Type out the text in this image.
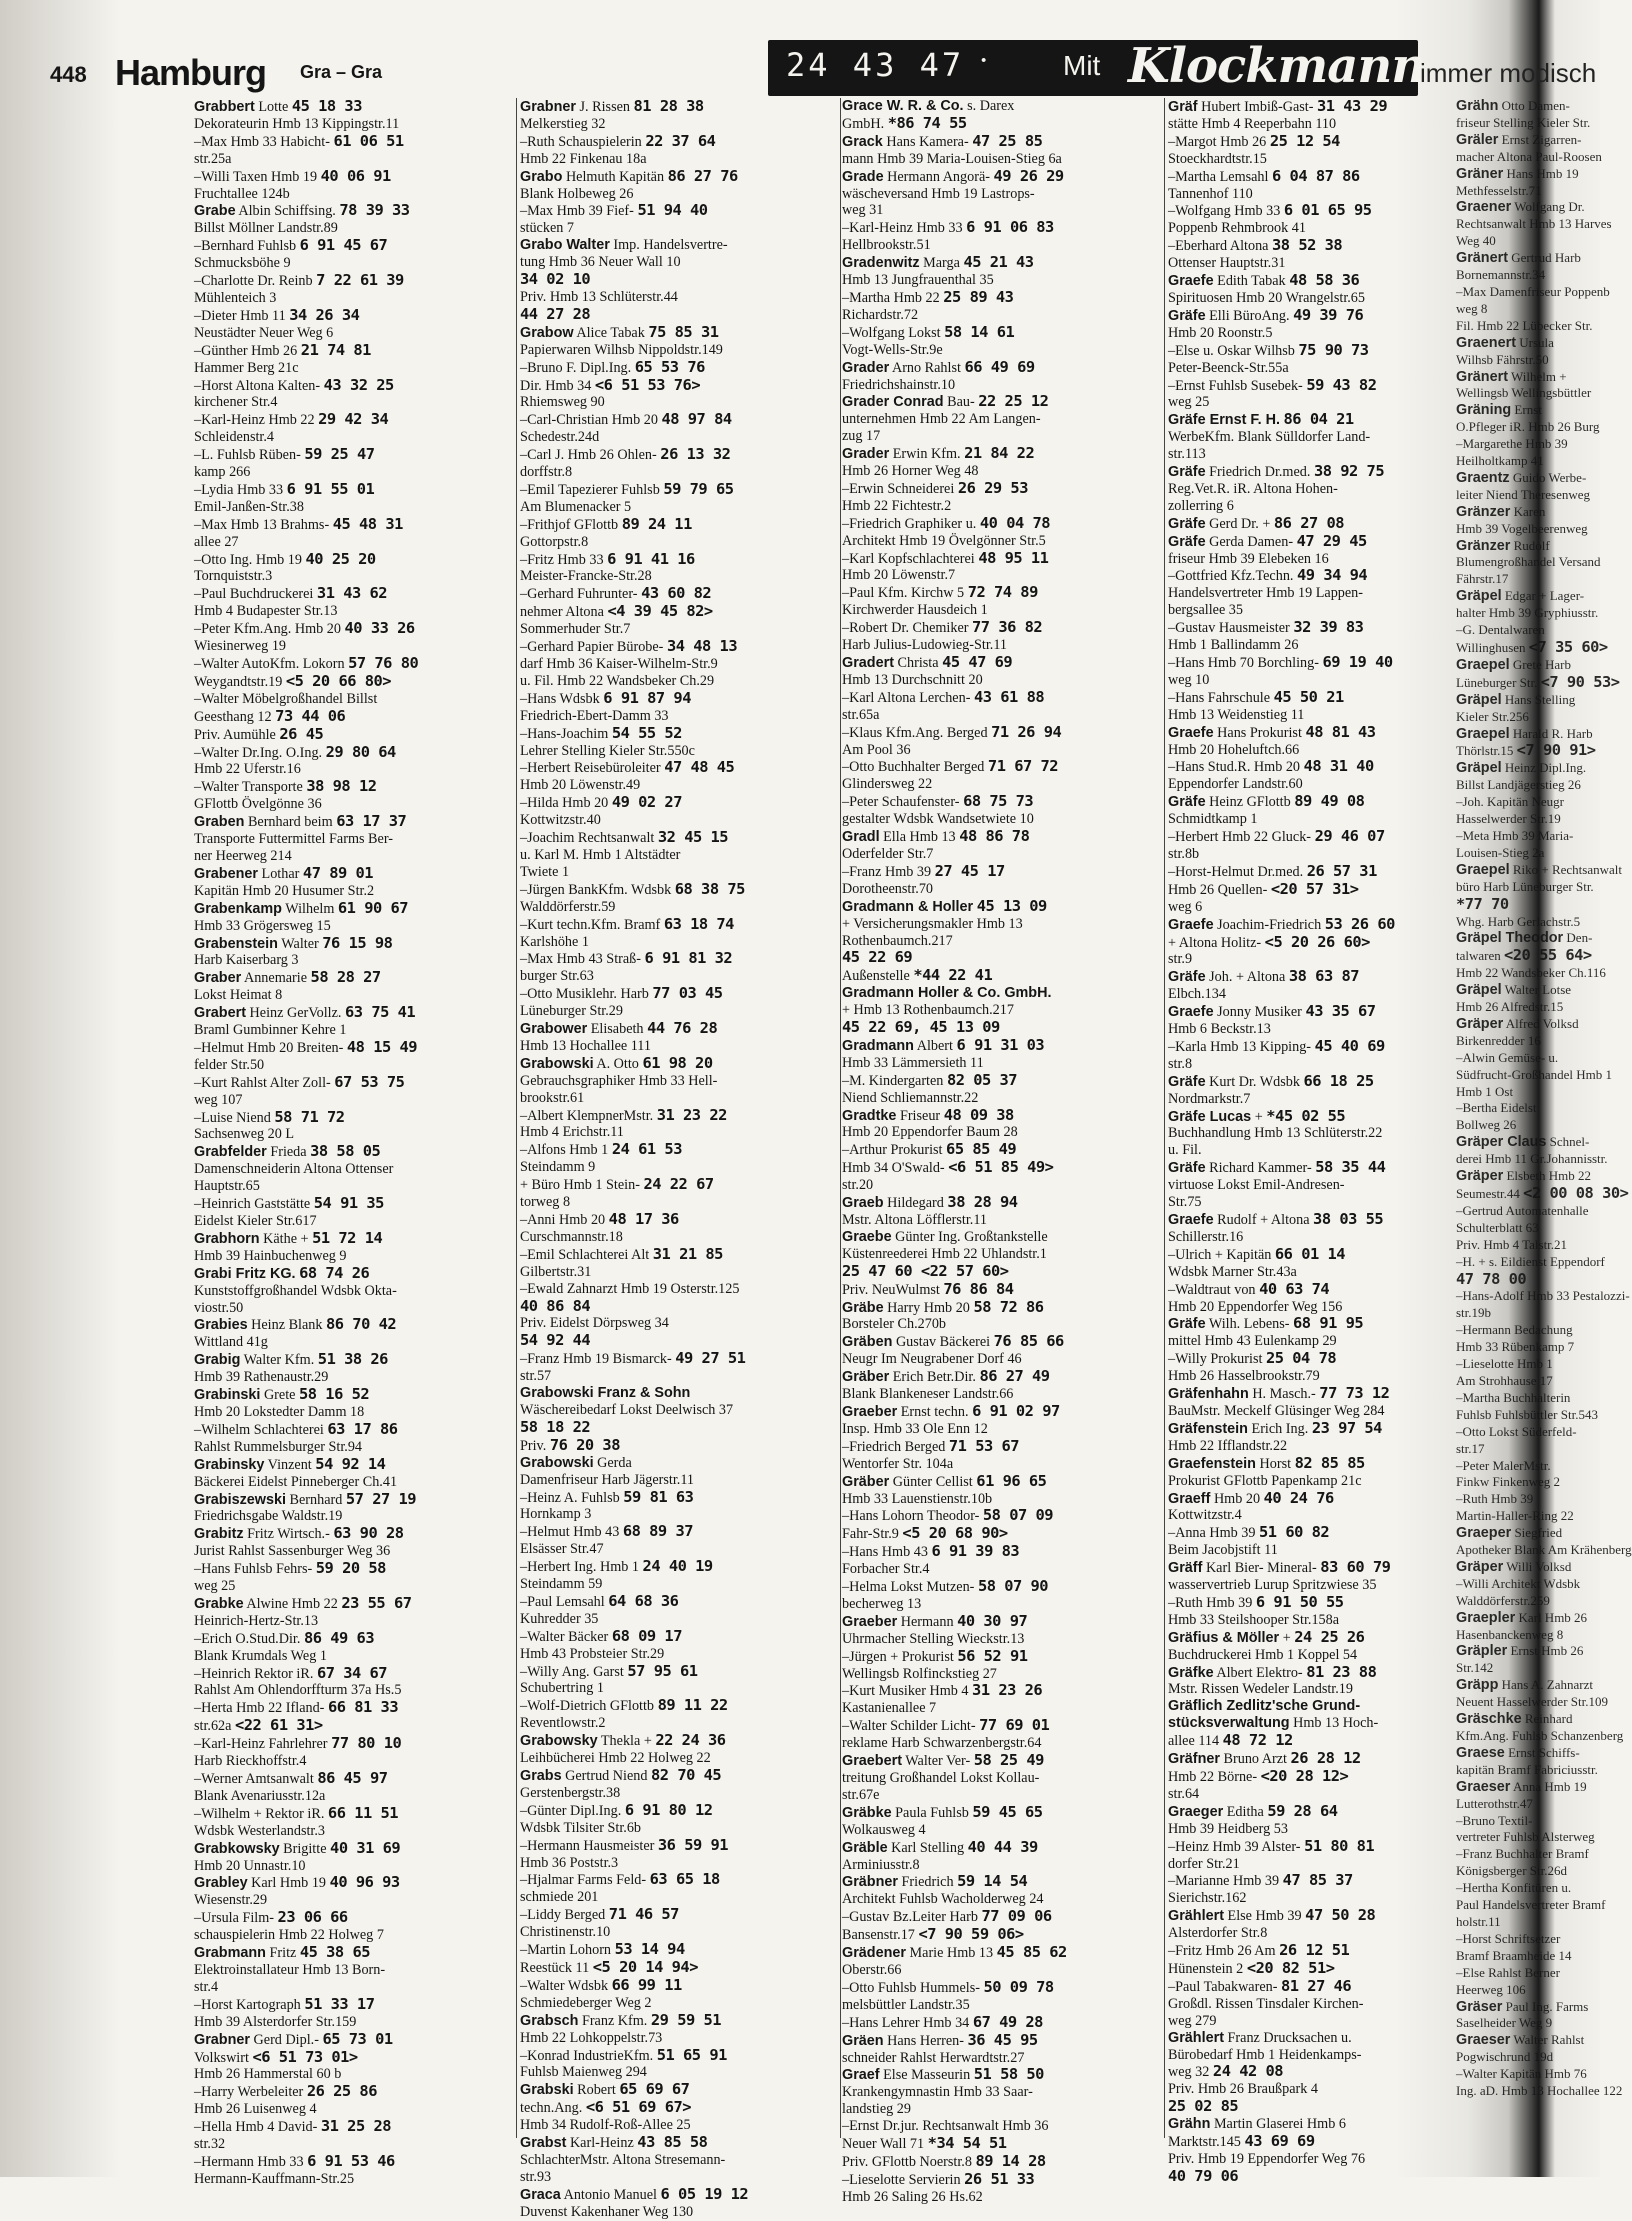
448 Hamburg Gra – Gra	24 43 47 ·	Mit Klockmann
immer modisch
Grabbert Lotte 45 18 33
Dekorateurin Hmb 13 Kippingstr.11
–Max Hmb 33 Habicht- 61 06 51
str.25a
–Willi Taxen Hmb 19 40 06 91
Fruchtallee 124b
Grabe Albin Schiffsing. 78 39 33
Billst Möllner Landstr.89
–Bernhard Fuhlsb 6 91 45 67
Schmucksböhe 9
–Charlotte Dr. Reinb 7 22 61 39
Mühlenteich 3
–Dieter Hmb 11 34 26 34
Neustädter Neuer Weg 6
–Günther Hmb 26 21 74 81
Hammer Berg 21c
–Horst Altona Kalten- 43 32 25
kirchener Str.4
–Karl-Heinz Hmb 22 29 42 34
Schleidenstr.4
–L. Fuhlsb Rüben- 59 25 47
kamp 266
–Lydia Hmb 33 6 91 55 01
Emil-Janßen-Str.38
–Max Hmb 13 Brahms- 45 48 31
allee 27
–Otto Ing. Hmb 19 40 25 20
Tornquiststr.3
–Paul Buchdruckerei 31 43 62
Hmb 4 Budapester Str.13
–Peter Kfm.Ang. Hmb 20 40 33 26
Wiesinerweg 19
–Walter AutoKfm. Lokorn 57 76 80
Weygandtstr.19 <5 20 66 80>
–Walter Möbelgroßhandel Billst
Geesthang 12 73 44 06
Priv. Aumühle 26 45
–Walter Dr.Ing. O.Ing. 29 80 64
Hmb 22 Uferstr.16
–Walter Transporte 38 98 12
GFlottb Övelgönne 36
Graben Bernhard beim 63 17 37
Transporte Futtermittel Farms Ber-
ner Heerweg 214
Grabener Lothar 47 89 01
Kapitän Hmb 20 Husumer Str.2
Grabenkamp Wilhelm 61 90 67
Hmb 33 Grögersweg 15
Grabenstein Walter 76 15 98
Harb Kaiserbarg 3
Graber Annemarie 58 28 27
Lokst Heimat 8
Grabert Heinz GerVollz. 63 75 41
Braml Gumbinner Kehre 1
–Helmut Hmb 20 Breiten- 48 15 49
felder Str.50
–Kurt Rahlst Alter Zoll- 67 53 75
weg 107
–Luise Niend 58 71 72
Sachsenweg 20 L
Grabfelder Frieda 38 58 05
Damenschneiderin Altona Ottenser
Hauptstr.65
–Heinrich Gaststätte 54 91 35
Eidelst Kieler Str.617
Grabhorn Käthe + 51 72 14
Hmb 39 Hainbuchenweg 9
Grabi Fritz KG. 68 74 26
Kunststoffgroßhandel Wdsbk Okta-
viostr.50
Grabies Heinz Blank 86 70 42
Wittland 41g
Grabig Walter Kfm. 51 38 26
Hmb 39 Rathenaustr.29
Grabinski Grete 58 16 52
Hmb 20 Lokstedter Damm 18
–Wilhelm Schlachterei 63 17 86
Rahlst Rummelsburger Str.94
Grabinsky Vinzent 54 92 14
Bäckerei Eidelst Pinneberger Ch.41
Grabiszewski Bernhard 57 27 19
Friedrichsgabe Waldstr.19
Grabitz Fritz Wirtsch.- 63 90 28
Jurist Rahlst Sassenburger Weg 36
–Hans Fuhlsb Fehrs- 59 20 58
weg 25
Grabke Alwine Hmb 22 23 55 67
Heinrich-Hertz-Str.13
–Erich O.Stud.Dir. 86 49 63
Blank Krumdals Weg 1
–Heinrich Rektor iR. 67 34 67
Rahlst Am Ohlendorffturm 37a Hs.5
–Herta Hmb 22 Ifland- 66 81 33
str.62a <22 61 31>
–Karl-Heinz Fahrlehrer 77 80 10
Harb Rieckhoffstr.4
–Werner Amtsanwalt 86 45 97
Blank Avenariusstr.12a
–Wilhelm + Rektor iR. 66 11 51
Wdsbk Westerlandstr.3
Grabkowsky Brigitte 40 31 69
Hmb 20 Unnastr.10
Grabley Karl Hmb 19 40 96 93
Wiesenstr.29
–Ursula Film- 23 06 66
schauspielerin Hmb 22 Holweg 7
Grabmann Fritz 45 38 65
Elektroinstallateur Hmb 13 Born-
str.4
–Horst Kartograph 51 33 17
Hmb 39 Alsterdorfer Str.159
Grabner Gerd Dipl.- 65 73 01
Volkswirt <6 51 73 01>
Hmb 26 Hammerstal 60 b
–Harry Werbeleiter 26 25 86
Hmb 26 Luisenweg 4
–Hella Hmb 4 David- 31 25 28
str.32
–Hermann Hmb 33 6 91 53 46
Hermann-Kauffmann-Str.25
Grabner J. Rissen 81 28 38
Melkerstieg 32
–Ruth Schauspielerin 22 37 64
Hmb 22 Finkenau 18a
Grabo Helmuth Kapitän 86 27 76
Blank Holbeweg 26
–Max Hmb 39 Fief- 51 94 40
stücken 7
Grabo Walter Imp. Handelsvertre-
tung Hmb 36 Neuer Wall 10
34 02 10
Priv. Hmb 13 Schlüterstr.44
44 27 28
Grabow Alice Tabak 75 85 31
Papierwaren Wilhsb Nippoldstr.149
–Bruno F. Dipl.Ing. 65 53 76
Dir. Hmb 34 <6 51 53 76>
Rhiemsweg 90
–Carl-Christian Hmb 20 48 97 84
Schedestr.24d
–Carl J. Hmb 26 Ohlen- 26 13 32
dorffstr.8
–Emil Tapezierer Fuhlsb 59 79 65
Am Blumenacker 5
–Frithjof GFlottb 89 24 11
Gottorpstr.8
–Fritz Hmb 33 6 91 41 16
Meister-Francke-Str.28
–Gerhard Fuhrunter- 43 60 82
nehmer Altona <4 39 45 82>
Sommerhuder Str.7
–Gerhard Papier Bürobe- 34 48 13
darf Hmb 36 Kaiser-Wilhelm-Str.9
u. Fil. Hmb 22 Wandsbeker Ch.29
–Hans Wdsbk 6 91 87 94
Friedrich-Ebert-Damm 33
–Hans-Joachim 54 55 52
Lehrer Stelling Kieler Str.550c
–Herbert Reisebüroleiter 47 48 45
Hmb 20 Löwenstr.49
–Hilda Hmb 20 49 02 27
Kottwitzstr.40
–Joachim Rechtsanwalt 32 45 15
u. Karl M. Hmb 1 Altstädter
Twiete 1
–Jürgen BankKfm. Wdsbk 68 38 75
Walddörferstr.59
–Kurt techn.Kfm. Bramf 63 18 74
Karlshöhe 1
–Max Hmb 43 Straß- 6 91 81 32
burger Str.63
–Otto Musiklehr. Harb 77 03 45
Lüneburger Str.29
Grabower Elisabeth 44 76 28
Hmb 13 Hochallee 111
Grabowski A. Otto 61 98 20
Gebrauchsgraphiker Hmb 33 Hell-
brookstr.61
–Albert KlempnerMstr. 31 23 22
Hmb 4 Erichstr.11
–Alfons Hmb 1 24 61 53
Steindamm 9
+ Büro Hmb 1 Stein- 24 22 67
torweg 8
–Anni Hmb 20 48 17 36
Curschmannstr.18
–Emil Schlachterei Alt 31 21 85
Gilbertstr.31
–Ewald Zahnarzt Hmb 19 Osterstr.125
40 86 84
Priv. Eidelst Dörpsweg 34
54 92 44
–Franz Hmb 19 Bismarck- 49 27 51
str.57
Grabowski Franz & Sohn
Wäschereibedarf Lokst Deelwisch 37
58 18 22
Priv. 76 20 38
Grabowski Gerda
Damenfriseur Harb Jägerstr.11
–Heinz A. Fuhlsb 59 81 63
Hornkamp 3
–Helmut Hmb 43 68 89 37
Elsässer Str.47
–Herbert Ing. Hmb 1 24 40 19
Steindamm 59
–Paul Lemsahl 64 68 36
Kuhredder 35
–Walter Bäcker 68 09 17
Hmb 43 Probsteier Str.29
–Willy Ang. Garst 57 95 61
Schubertring 1
–Wolf-Dietrich GFlottb 89 11 22
Reventlowstr.2
Grabowsky Thekla + 22 24 36
Leihbücherei Hmb 22 Holweg 22
Grabs Gertrud Niend 82 70 45
Gerstenbergstr.38
–Günter Dipl.Ing. 6 91 80 12
Wdsbk Tilsiter Str.6b
–Hermann Hausmeister 36 59 91
Hmb 36 Poststr.3
–Hjalmar Farms Feld- 63 65 18
schmiede 201
–Liddy Berged 71 46 57
Christinenstr.10
–Martin Lohorn 53 14 94
Reestück 11 <5 20 14 94>
–Walter Wdsbk 66 99 11
Schmiedeberger Weg 2
Grabsch Franz Kfm. 29 59 51
Hmb 22 Lohkoppelstr.73
–Konrad IndustrieKfm. 51 65 91
Fuhlsb Maienweg 294
Grabski Robert 65 69 67
techn.Ang. <6 51 69 67>
Hmb 34 Rudolf-Roß-Allee 25
Grabst Karl-Heinz 43 85 58
SchlachterMstr. Altona Stresemann-
str.93
Graca Antonio Manuel 6 05 19 12
Duvenst Kakenhaner Weg 130
Grace W. R. & Co. s. Darex
GmbH. *86 74 55
Grack Hans Kamera- 47 25 85
mann Hmb 39 Maria-Louisen-Stieg 6a
Grade Hermann Angorä- 49 26 29
wäscheversand Hmb 19 Lastrops-
weg 31
–Karl-Heinz Hmb 33 6 91 06 83
Hellbrookstr.51
Gradenwitz Marga 45 21 43
Hmb 13 Jungfrauenthal 35
–Martha Hmb 22 25 89 43
Richardstr.72
–Wolfgang Lokst 58 14 61
Vogt-Wells-Str.9e
Grader Arno Rahlst 66 49 69
Friedrichshainstr.10
Grader Conrad Bau- 22 25 12
unternehmen Hmb 22 Am Langen-
zug 17
Grader Erwin Kfm. 21 84 22
Hmb 26 Horner Weg 48
–Erwin Schneiderei 26 29 53
Hmb 22 Fichtestr.2
–Friedrich Graphiker u. 40 04 78
Architekt Hmb 19 Övelgönner Str.5
–Karl Kopfschlachterei 48 95 11
Hmb 20 Löwenstr.7
–Paul Kfm. Kirchw 5 72 74 89
Kirchwerder Hausdeich 1
–Robert Dr. Chemiker 77 36 82
Harb Julius-Ludowieg-Str.11
Gradert Christa 45 47 69
Hmb 13 Durchschnitt 20
–Karl Altona Lerchen- 43 61 88
str.65a
–Klaus Kfm.Ang. Berged 71 26 94
Am Pool 36
–Otto Buchhalter Berged 71 67 72
Glindersweg 22
–Peter Schaufenster- 68 75 73
gestalter Wdsbk Wandsetwiete 10
Gradl Ella Hmb 13 48 86 78
Oderfelder Str.7
–Franz Hmb 39 27 45 17
Dorotheenstr.70
Gradmann & Holler 45 13 09
+ Versicherungsmakler Hmb 13
Rothenbaumch.217
45 22 69
Außenstelle *44 22 41
Gradmann Holler & Co. GmbH.
+ Hmb 13 Rothenbaumch.217
45 22 69, 45 13 09
Gradmann Albert 6 91 31 03
Hmb 33 Lämmersieth 11
–M. Kindergarten 82 05 37
Niend Schliemannstr.22
Gradtke Friseur 48 09 38
Hmb 20 Eppendorfer Baum 28
–Arthur Prokurist 65 85 49
Hmb 34 O'Swald- <6 51 85 49>
str.20
Graeb Hildegard 38 28 94
Mstr. Altona Löfflerstr.11
Graebe Günter Ing. Großtankstelle
Küstenreederei Hmb 22 Uhlandstr.1
25 47 60 <22 57 60>
Priv. NeuWulmst 76 86 84
Gräbe Harry Hmb 20 58 72 86
Borsteler Ch.270b
Gräben Gustav Bäckerei 76 85 66
Neugr Im Neugrabener Dorf 46
Gräber Erich Betr.Dir. 86 27 49
Blank Blankeneser Landstr.66
Graeber Ernst techn. 6 91 02 97
Insp. Hmb 33 Ole Enn 12
–Friedrich Berged 71 53 67
Wentorfer Str. 104a
Gräber Günter Cellist 61 96 65
Hmb 33 Lauenstienstr.10b
–Hans Lohorn Theodor- 58 07 09
Fahr-Str.9 <5 20 68 90>
–Hans Hmb 43 6 91 39 83
Forbacher Str.4
–Helma Lokst Mutzen- 58 07 90
becherweg 13
Graeber Hermann 40 30 97
Uhrmacher Stelling Wieckstr.13
–Jürgen + Prokurist 56 52 91
Wellingsb Rolfinckstieg 27
–Kurt Musiker Hmb 4 31 23 26
Kastanienallee 7
–Walter Schilder Licht- 77 69 01
reklame Harb Schwarzenbergstr.64
Graebert Walter Ver- 58 25 49
treitung Großhandel Lokst Kollau-
str.67e
Gräbke Paula Fuhlsb 59 45 65
Wolkausweg 4
Gräble Karl Stelling 40 44 39
Arminiusstr.8
Gräbner Friedrich 59 14 54
Architekt Fuhlsb Wacholderweg 24
–Gustav Bz.Leiter Harb 77 09 06
Bansenstr.17 <7 90 59 06>
Grädener Marie Hmb 13 45 85 62
Oberstr.66
–Otto Fuhlsb Hummels- 50 09 78
melsbüttler Landstr.35
–Hans Lehrer Hmb 34 67 49 28
Gräen Hans Herren- 36 45 95
schneider Rahlst Herwardtstr.27
Graef Else Masseurin 51 58 50
Krankengymnastin Hmb 33 Saar-
landstieg 29
–Ernst Dr.jur. Rechtsanwalt Hmb 36
Neuer Wall 71 *34 54 51
Priv. GFlottb Noerstr.8 89 14 28
–Lieselotte Servierin 26 51 33
Hmb 26 Saling 26 Hs.62
Gräf Hubert Imbiß-Gast- 31 43 29
stätte Hmb 4 Reeperbahn 110
–Margot Hmb 26 25 12 54
Stoeckhardtstr.15
–Martha Lemsahl 6 04 87 86
Tannenhof 110
–Wolfgang Hmb 33 6 01 65 95
Poppenb Rehmbrook 41
–Eberhard Altona 38 52 38
Ottenser Hauptstr.31
Graefe Edith Tabak 48 58 36
Spirituosen Hmb 20 Wrangelstr.65
Gräfe Elli BüroAng. 49 39 76
Hmb 20 Roonstr.5
–Else u. Oskar Wilhsb 75 90 73
Peter-Beenck-Str.55a
–Ernst Fuhlsb Susebek- 59 43 82
weg 25
Gräfe Ernst F. H. 86 04 21
WerbeKfm. Blank Sülldorfer Land-
str.113
Gräfe Friedrich Dr.med. 38 92 75
Reg.Vet.R. iR. Altona Hohen-
zollerring 6
Gräfe Gerd Dr. + 86 27 08
Gräfe Gerda Damen- 47 29 45
friseur Hmb 39 Elebeken 16
–Gottfried Kfz.Techn. 49 34 94
Handelsvertreter Hmb 19 Lappen-
bergsallee 35
–Gustav Hausmeister 32 39 83
Hmb 1 Ballindamm 26
–Hans Hmb 70 Borchling- 69 19 40
weg 10
–Hans Fahrschule 45 50 21
Hmb 13 Weidenstieg 11
Graefe Hans Prokurist 48 81 43
Hmb 20 Hoheluftch.66
–Hans Stud.R. Hmb 20 48 31 40
Eppendorfer Landstr.60
Gräfe Heinz GFlottb 89 49 08
Schmidtkamp 1
–Herbert Hmb 22 Gluck- 29 46 07
str.8b
–Horst-Helmut Dr.med. 26 57 31
Hmb 26 Quellen- <20 57 31>
weg 6
Graefe Joachim-Friedrich 53 26 60
+ Altona Holitz- <5 20 26 60>
str.9
Gräfe Joh. + Altona 38 63 87
Elbch.134
Graefe Jonny Musiker 43 35 67
Hmb 6 Beckstr.13
–Karla Hmb 13 Kipping- 45 40 69
str.8
Gräfe Kurt Dr. Wdsbk 66 18 25
Nordmarkstr.7
Gräfe Lucas + *45 02 55
Buchhandlung Hmb 13 Schlüterstr.22
u. Fil.
Gräfe Richard Kammer- 58 35 44
virtuose Lokst Emil-Andresen-
Str.75
Graefe Rudolf + Altona 38 03 55
Schillerstr.16
–Ulrich + Kapitän 66 01 14
Wdsbk Marner Str.43a
–Waldtraut von 40 63 74
Hmb 20 Eppendorfer Weg 156
Gräfe Wilh. Lebens- 68 91 95
mittel Hmb 43 Eulenkamp 29
–Willy Prokurist 25 04 78
Hmb 26 Hasselbrookstr.79
Gräfenhahn H. Masch.- 77 73 12
BauMstr. Meckelf Glüsinger Weg 284
Gräfenstein Erich Ing. 23 97 54
Hmb 22 Ifflandstr.22
Graefenstein Horst 82 85 85
Prokurist GFlottb Papenkamp 21c
Graeff Hmb 20 40 24 76
Kottwitzstr.4
–Anna Hmb 39 51 60 82
Beim Jacobjstift 11
Gräff Karl Bier- Mineral- 83 60 79
wasservertrieb Lurup Spritzwiese 35
–Ruth Hmb 39 6 91 50 55
Hmb 33 Steilshooper Str.158a
Gräfius & Möller + 24 25 26
Buchdruckerei Hmb 1 Koppel 54
Gräfke Albert Elektro- 81 23 88
Mstr. Rissen Wedeler Landstr.19
Gräflich Zedlitz'sche Grund-
stücksverwaltung Hmb 13 Hoch-
allee 114 48 72 12
Gräfner Bruno Arzt 26 28 12
Hmb 22 Börne- <20 28 12>
str.64
Graeger Editha 59 28 64
Hmb 39 Heidberg 53
–Heinz Hmb 39 Alster- 51 80 81
dorfer Str.21
–Marianne Hmb 39 47 85 37
Sierichstr.162
Grählert Else Hmb 39 47 50 28
Alsterdorfer Str.8
–Fritz Hmb 26 Am 26 12 51
Hünenstein 2 <20 82 51>
–Paul Tabakwaren- 81 27 46
Großdl. Rissen Tinsdaler Kirchen-
weg 279
Grählert Franz Drucksachen u.
Bürobedarf Hmb 1 Heidenkamps-
weg 32 24 42 08
Priv. Hmb 26 Braußpark 4
25 02 85
Grähn Martin Glaserei Hmb 6
Marktstr.145 43 69 69
Priv. Hmb 19 Eppendorfer Weg 76
40 79 06
Grähn Otto Damen-
friseur Stelling Kieler Str.
Gräler Ernst Zigarren-
macher Altona Paul-Roosen
Gräner Hans Hmb 19
Methfesselstr.71
Graener Wolfgang Dr.
Rechtsanwalt Hmb 13 Harves
Weg 40
Gränert Gertrud Harb
Bornemannstr.34
–Max Damenfriseur Poppenb
weg 8
Fil. Hmb 22 Lübecker Str.
Graenert Ursula
Wilhsb Fährstr.50
Gränert Wilhelm +
Wellingsb Wellingsbüttler
Gräning Ernst
O.Pfleger iR. Hmb 26 Burg
–Margarethe Hmb 39
Heilholtkamp 41
Graentz Guido Werbe-
leiter Niend Theresenweg
Gränzer Karen
Hmb 39 Vogelbeerenweg
Gränzer Rudolf
Blumengroßhandel Versand
Fährstr.17
Gräpel Edgar + Lager-
halter Hmb 39 Gryphiusstr.
–G. Dentalwaren
Willinghusen <7 35 60>
Graepel Grete Harb
Lüneburger Str. <7 90 53>
Gräpel Hans Stelling
Kieler Str.256
Graepel Harald R. Harb
Thörlstr.15 <7 90 91>
Gräpel Heinz Dipl.Ing.
Billst Landjägerstieg 26
–Joh. Kapitän Neugr
Hasselwerder Str.19
–Meta Hmb 39 Maria-
Louisen-Stieg 2a
Graepel Riko + Rechtsanwalt
büro Harb Lüneburger Str.
*77 70
Whg. Harb Gerlachstr.5
Gräpel Theodor Den-
talwaren <20 55 64>
Hmb 22 Wandsbeker Ch.116
Gräpel Walter Lotse
Hmb 26 Alfredstr.15
Gräper Alfred Volksd
Birkenredder 16
–Alwin Gemüse- u.
Südfrucht-Großhandel Hmb 1
Hmb 1 Ost
–Bertha Eidelst
Bollweg 26
Gräper Claus Schnel-
derei Hmb 11 Gr.Johannisstr.
Gräper Elsbeth Hmb 22
Seumestr.44 <2 00 08 30>
–Gertrud Automatenhalle
Schulterblatt 63
Priv. Hmb 4 Talstr.21
–H. + s. Eildienst Eppendorf
47 78 00
–Hans-Adolf Hmb 33 Pestalozzi-
str.19b
–Hermann Bedachung
Hmb 33 Rübenkamp 7
–Lieselotte Hmb 1
Am Strohhause 17
–Martha Buchhalterin
Fuhlsb Fuhlsbüttler Str.543
–Otto Lokst Süderfeld-
str.17
–Peter MalerMstr.
Finkw Finkenweg 2
–Ruth Hmb 39
Martin-Haller-Ring 22
Graeper Siegfried
Apotheker Blank Am Krähenberg
Gräper Willi Volksd
–Willi Architekt Wdsbk
Walddörferstr.259
Graepler Karl Hmb 26
Hasenbanckenweg 8
Gräpler Ernst Hmb 26
Str.142
Gräpp Hans A. Zahnarzt
Neuent Hasselwerder Str.109
Gräschke Reinhard
Kfm.Ang. Fuhlsb Schanzenberg
Graese Ernst Schiffs-
kapitän Bramf Fabriciusstr.
Graeser Anna Hmb 19
Lutterothstr.47
–Bruno Textil-
vertreter Fuhlsb Alsterweg
–Franz Buchhalter Bramf
Königsberger Str.26d
–Hertha Konfitüren u.
Paul Handelsvertreter Bramf
holstr.11
–Horst Schriftsetzer
Bramf Braamheide 14
–Else Rahlst Berner
Heerweg 106
Gräser Paul Ing. Farms
Saselheider Weg 9
Graeser Walter Rahlst
Pogwischrund 19d
–Walter Kapitän Hmb 76
Ing. aD. Hmb 13 Hochallee 122
